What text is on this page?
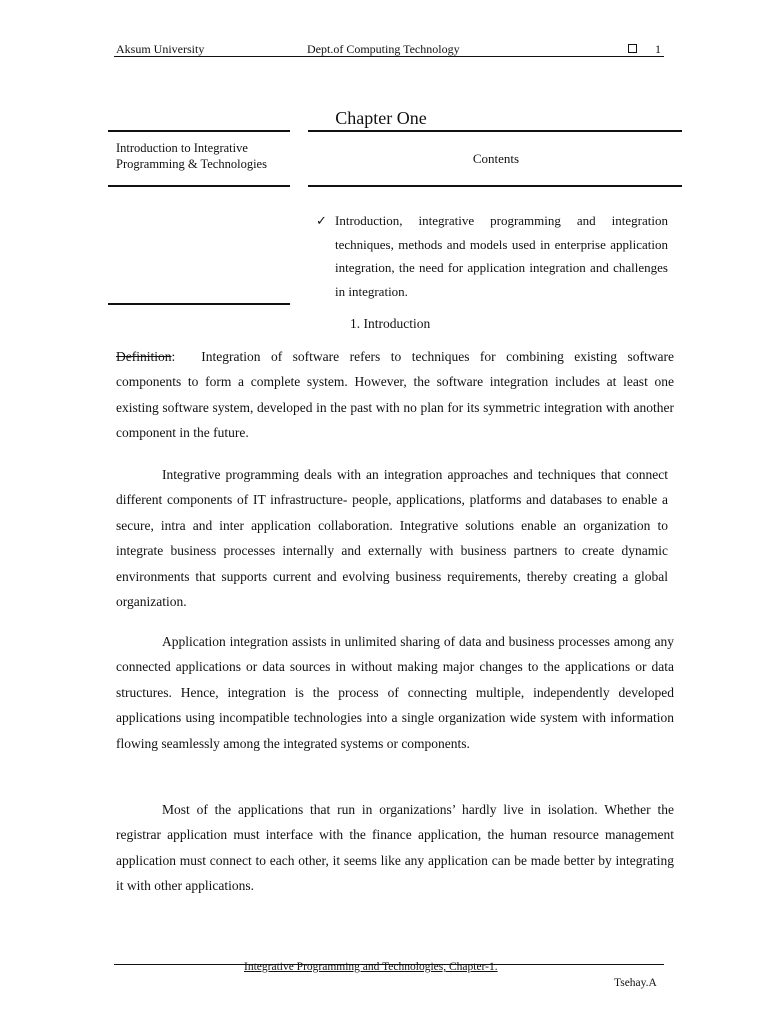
Aksum University	Dept.of Computing Technology	1
Chapter One
Introduction to Integrative Programming & Technologies	Contents
✓ Introduction, integrative programming and integration techniques, methods and models used in enterprise application integration, the need for application integration and challenges in integration.
1. Introduction
Definition: Integration of software refers to techniques for combining existing software components to form a complete system. However, the software integration includes at least one existing software system, developed in the past with no plan for its symmetric integration with another component in the future.
Integrative programming deals with an integration approaches and techniques that connect different components of IT infrastructure- people, applications, platforms and databases to enable a secure, intra and inter application collaboration. Integrative solutions enable an organization to integrate business processes internally and externally with business partners to create dynamic environments that supports current and evolving business requirements, thereby creating a global organization.
Application integration assists in unlimited sharing of data and business processes among any connected applications or data sources in without making major changes to the applications or data structures. Hence, integration is the process of connecting multiple, independently developed applications using incompatible technologies into a single organization wide system with information flowing seamlessly among the integrated systems or components.
Most of the applications that run in organizations’ hardly live in isolation. Whether the registrar application must interface with the finance application, the human resource management application must connect to each other, it seems like any application can be made better by integrating it with other applications.
Integrative Programming and Technologies, Chapter-1.
Tsehay.A
